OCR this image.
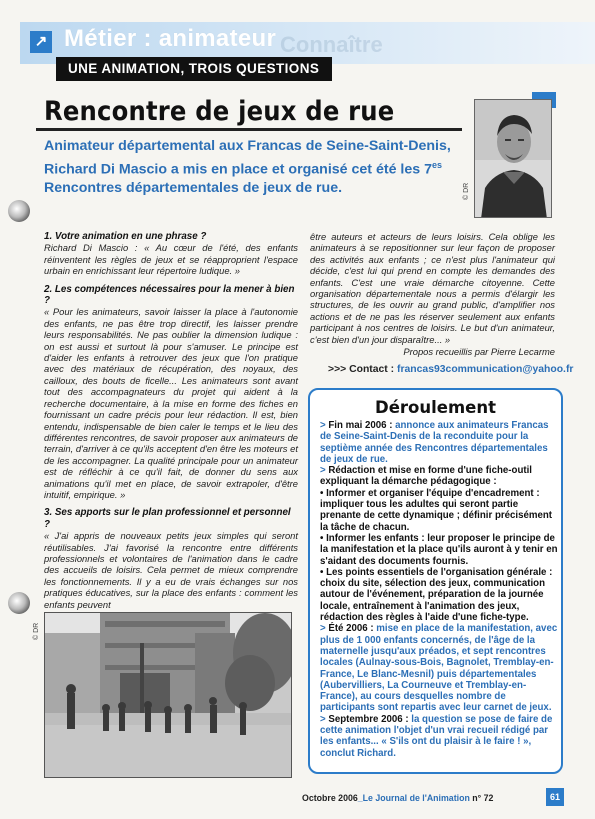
↗ Métier : animateur Connaître
UNE ANIMATION, TROIS QUESTIONS
Rencontre de jeux de rue
Animateur départemental aux Francas de Seine-Saint-Denis, Richard Di Mascio a mis en place et organisé cet été les $7^{es}$ Rencontres départementales de jeux de rue.	© DR
1. Votre animation en une phrase ?
Richard Di Mascio : « Au cœur de l'été, des enfants réinventent les règles de jeux et se réapproprient l'espace urbain en enrichissant leur répertoire ludique. »
2. Les compétences nécessaires pour la mener à bien ?
« Pour les animateurs, savoir laisser la place à l'autonomie des enfants, ne pas être trop directif, les laisser prendre leurs responsabilités. Ne pas oublier la dimension ludique : on est aussi et surtout là pour s'amuser. Le principe est d'aider les enfants à retrouver des jeux que l'on pratique avec des matériaux de récupération, des noyaux, des cailloux, des bouts de ficelle... Les animateurs sont avant tout des accompagnateurs du projet qui aident à la recherche documentaire, à la mise en forme des fiches en fournissant un cadre précis pour leur rédaction. Il est, bien entendu, indispensable de bien caler le temps et le lieu des différentes rencontres, de savoir proposer aux animateurs de terrain, d'arriver à ce qu'ils acceptent d'en être les moteurs et de les accompagner. La qualité principale pour un animateur est de réfléchir à ce qu'il fait, de donner du sens aux animations qu'il met en place, de savoir extrapoler, d'être intuitif, empirique. »
3. Ses apports sur le plan professionnel et personnel ?
« J'ai appris de nouveaux petits jeux simples qui seront réutilisables. J'ai favorisé la rencontre entre différents professionnels et volontaires de l'animation dans le cadre des accueils de loisirs. Cela permet de mieux comprendre les fonctionnements. Il y a eu de vrais échanges sur nos pratiques éducatives, sur la place des enfants : comment les enfants peuvent
être auteurs et acteurs de leurs loisirs. Cela oblige les animateurs à se repositionner sur leur façon de proposer des activités aux enfants ; ce n'est plus l'animateur qui décide, c'est lui qui prend en compte les demandes des enfants. C'est une vraie démarche citoyenne. Cette organisation départementale nous a permis d'élargir les structures, de les ouvrir au grand public, d'amplifier nos actions et de ne pas les réserver seulement aux enfants participant à nos centres de loisirs. Le but d'un animateur, c'est bien d'un jour disparaître... »
Propos recueillis par Pierre Lecarme
>>> Contact : francas93communication@yahoo.fr
© DR
Déroulement

> Fin mai 2006 : annonce aux animateurs Francas de Seine-Saint-Denis de la reconduite pour la septième année des Rencontres départementales de jeux de rue.

> Rédaction et mise en forme d'une fiche-outil expliquant la démarche pédagogique :

• Informer et organiser l'équipe d'encadrement : impliquer tous les adultes qui seront partie prenante de cette dynamique ; définir précisément la tâche de chacun.

• Informer les enfants : leur proposer le principe de la manifestation et la place qu'ils auront à y tenir en s'aidant des documents fournis.

• Les points essentiels de l'organisation générale : choix du site, sélection des jeux, communication autour de l'événement, préparation de la journée locale, entraînement à l'animation des jeux, rédaction des règles à l'aide d'une fiche-type.

> Été 2006 : mise en place de la manifestation, avec plus de 1 000 enfants concernés, de l'âge de la maternelle jusqu'aux préados, et sept rencontres locales (Aulnay-sous-Bois, Bagnolet, Tremblay-en-France, Le Blanc-Mesnil) puis départementales (Aubervilliers, La Courneuve et Tremblay-en-France), au cours desquelles nombre de participants sont repartis avec leur carnet de jeux.

> Septembre 2006 : la question se pose de faire de cette animation l'objet d'un vrai recueil rédigé par les enfants... « S'ils ont du plaisir à le faire ! », conclut Richard.

Octobre 2006_Le Journal de l'Animation n° 72	61
